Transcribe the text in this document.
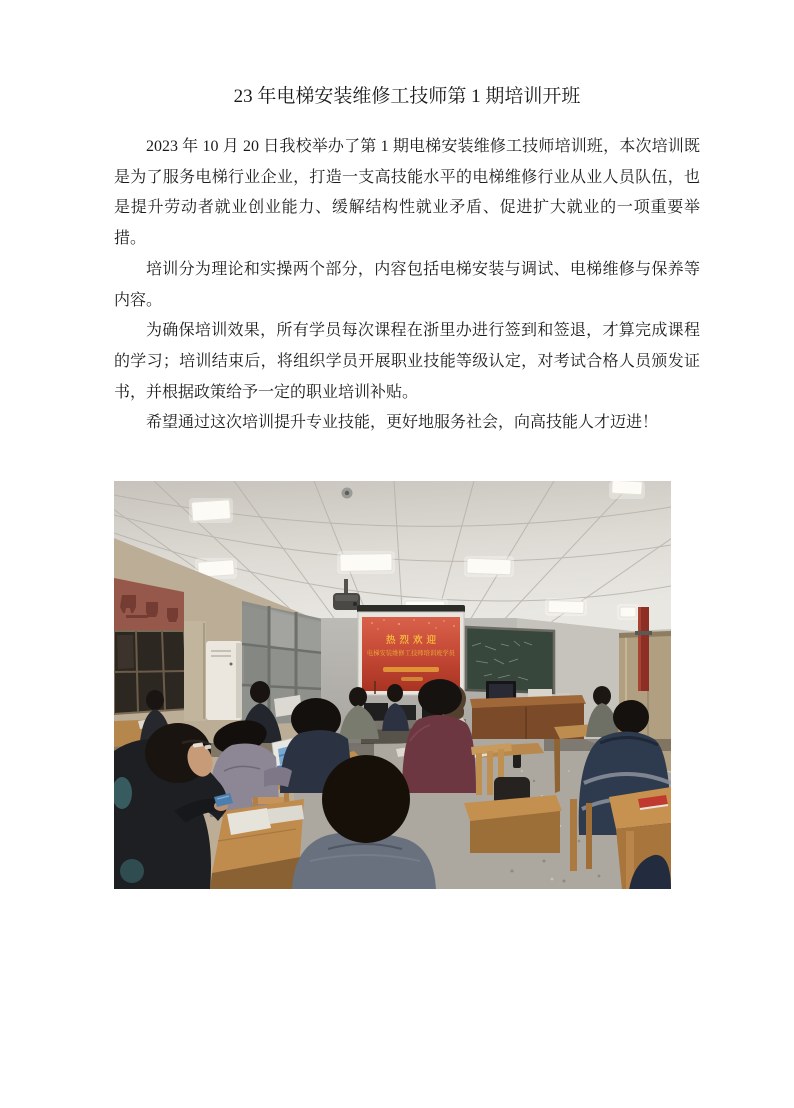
23 年电梯安装维修工技师第 1 期培训开班

2023 年 10 月 20 日我校举办了第 1 期电梯安装维修工技师培训班，本次培训既是为了服务电梯行业企业，打造一支高技能水平的电梯维修行业从业人员队伍，也是提升劳动者就业创业能力、缓解结构性就业矛盾、促进扩大就业的一项重要举措。

培训分为理论和实操两个部分，内容包括电梯安装与调试、电梯维修与保养等内容。

为确保培训效果，所有学员每次课程在浙里办进行签到和签退，才算完成课程的学习；培训结束后，将组织学员开展职业技能等级认定，对考试合格人员颁发证书，并根据政策给予一定的职业培训补贴。

希望通过这次培训提升专业技能，更好地服务社会，向高技能人才迈进！

热烈欢迎
电梯安装维修工技师培训班学员
